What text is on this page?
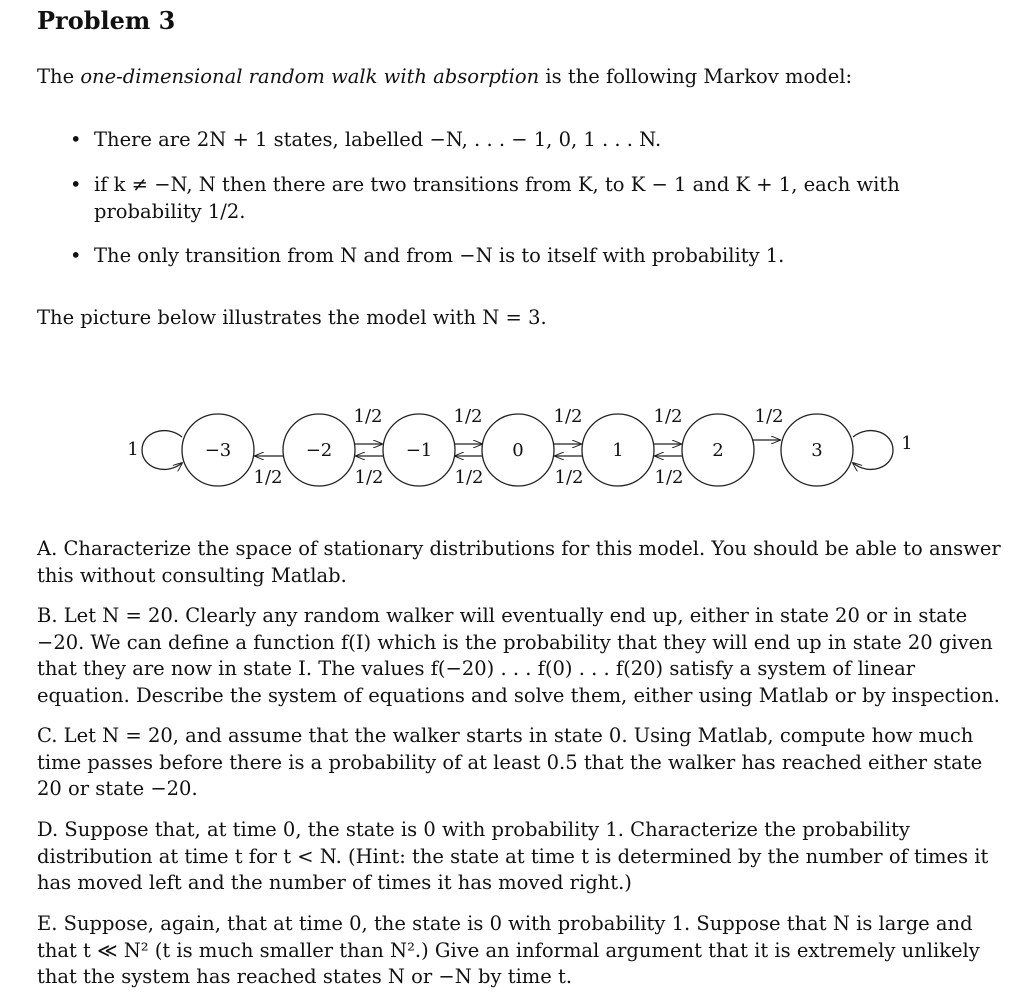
Problem 3
The one-dimensional random walk with absorption is the following Markov model:
• There are 2N + 1 states, labelled −N, . . . − 1, 0, 1 . . . N.
• if k ≠ −N, N then there are two transitions from K, to K − 1 and K + 1, each with probability 1/2.
• The only transition from N and from −N is to itself with probability 1.
The picture below illustrates the model with N = 3.
−3	−2	−1	0	1	2	3
1	1
1/2	1/2	1/2	1/2	1/2
1/2	1/2	1/2	1/2	1/2
A. Characterize the space of stationary distributions for this model. You should be able to answer this without consulting Matlab.
B. Let N = 20. Clearly any random walker will eventually end up, either in state 20 or in state −20. We can define a function f(I) which is the probability that they will end up in state 20 given that they are now in state I. The values f(−20) . . . f(0) . . . f(20) satisfy a system of linear equation. Describe the system of equations and solve them, either using Matlab or by inspection.
C. Let N = 20, and assume that the walker starts in state 0. Using Matlab, compute how much time passes before there is a probability of at least 0.5 that the walker has reached either state 20 or state −20.
D. Suppose that, at time 0, the state is 0 with probability 1. Characterize the probability distribution at time t for t < N. (Hint: the state at time t is determined by the number of times it has moved left and the number of times it has moved right.)
E. Suppose, again, that at time 0, the state is 0 with probability 1. Suppose that N is large and that t ≪ N² (t is much smaller than N².) Give an informal argument that it is extremely unlikely that the system has reached states N or −N by time t.
